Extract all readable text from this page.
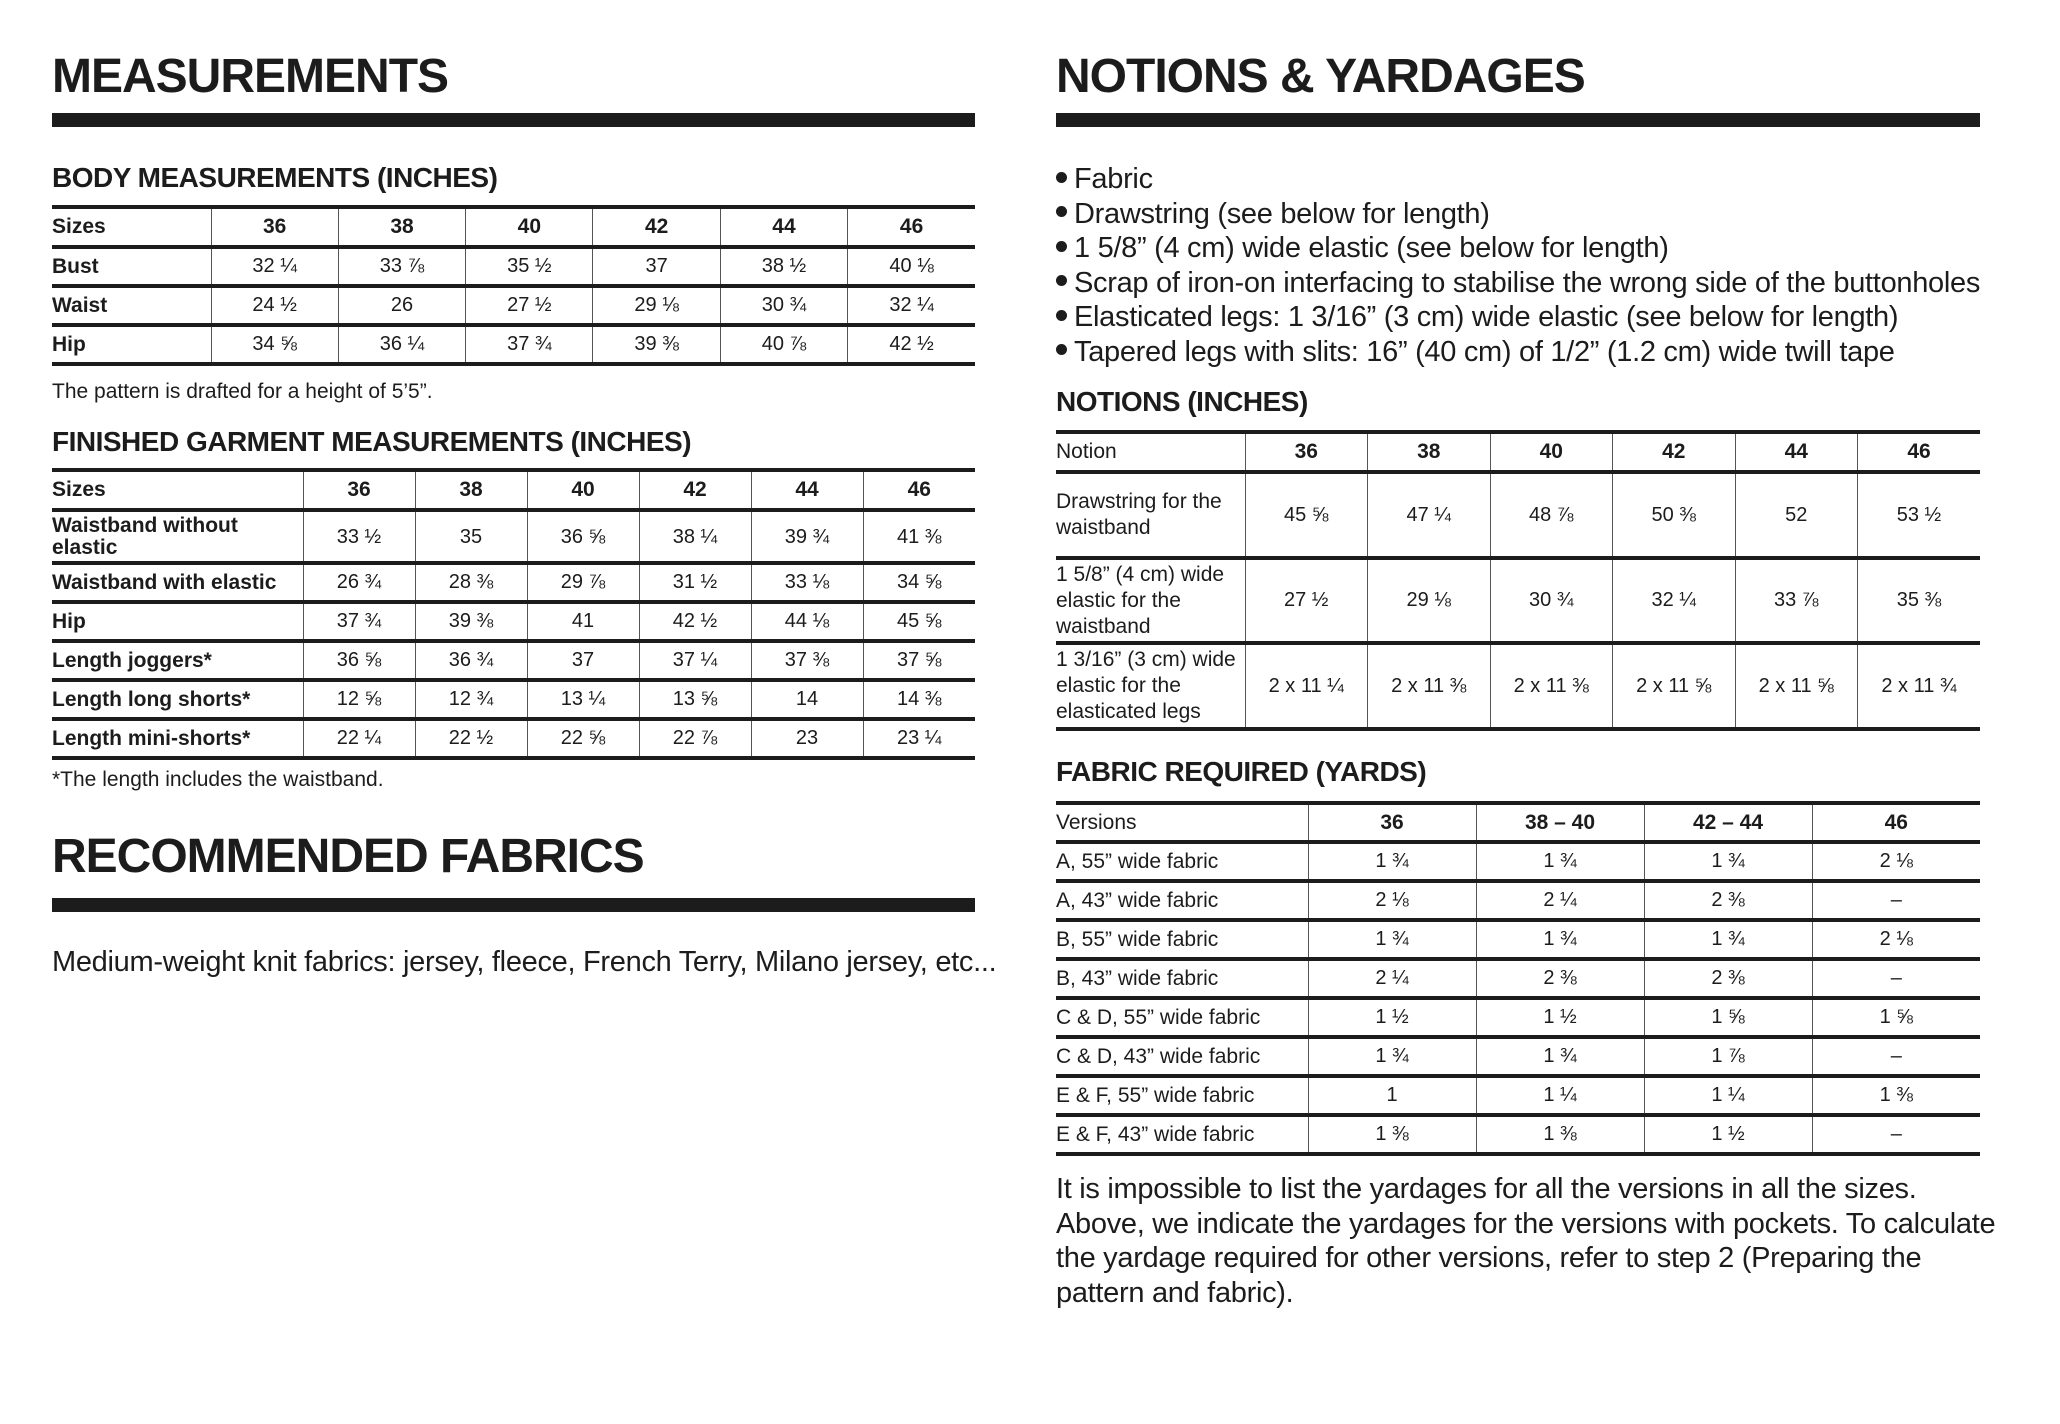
MEASUREMENTS
BODY MEASUREMENTS (INCHES)
Sizes	36	38	40	42	44	46
Bust	32 ¼	33 ⅞	35 ½	37	38 ½	40 ⅛
Waist	24 ½	26	27 ½	29 ⅛	30 ¾	32 ¼
Hip	34 ⅝	36 ¼	37 ¾	39 ⅜	40 ⅞	42 ½
The pattern is drafted for a height of 5’5”.
FINISHED GARMENT MEASUREMENTS (INCHES)
Sizes	36	38	40	42	44	46
Waistband without elastic	33 ½	35	36 ⅝	38 ¼	39 ¾	41 ⅜
Waistband with elastic	26 ¾	28 ⅜	29 ⅞	31 ½	33 ⅛	34 ⅝
Hip	37 ¾	39 ⅜	41	42 ½	44 ⅛	45 ⅝
Length joggers*	36 ⅝	36 ¾	37	37 ¼	37 ⅜	37 ⅝
Length long shorts*	12 ⅝	12 ¾	13 ¼	13 ⅝	14	14 ⅜
Length mini-shorts*	22 ¼	22 ½	22 ⅝	22 ⅞	23	23 ¼
*The length includes the waistband.
RECOMMENDED FABRICS
Medium-weight knit fabrics: jersey, fleece, French Terry, Milano jersey, etc...
NOTIONS & YARDAGES
Fabric
Drawstring (see below for length)
1 5/8” (4 cm) wide elastic (see below for length)
Scrap of iron-on interfacing to stabilise the wrong side of the buttonholes
Elasticated legs: 1 3/16” (3 cm) wide elastic (see below for length)
Tapered legs with slits: 16” (40 cm) of 1/2” (1.2 cm) wide twill tape
NOTIONS (INCHES)
Notion	36	38	40	42	44	46
Drawstring for the waistband	45 ⅝	47 ¼	48 ⅞	50 ⅜	52	53 ½
1 5/8” (4 cm) wide elastic for the waistband	27 ½	29 ⅛	30 ¾	32 ¼	33 ⅞	35 ⅜
1 3/16” (3 cm) wide elastic for the elasticated legs	2 x 11 ¼	2 x 11 ⅜	2 x 11 ⅜	2 x 11 ⅝	2 x 11 ⅝	2 x 11 ¾
FABRIC REQUIRED (YARDS)
Versions	36	38 – 40	42 – 44	46
A, 55” wide fabric	1 ¾	1 ¾	1 ¾	2 ⅛
A, 43” wide fabric	2 ⅛	2 ¼	2 ⅜	–
B, 55” wide fabric	1 ¾	1 ¾	1 ¾	2 ⅛
B, 43” wide fabric	2 ¼	2 ⅜	2 ⅜	–
C & D, 55” wide fabric	1 ½	1 ½	1 ⅝	1 ⅝
C & D, 43” wide fabric	1 ¾	1 ¾	1 ⅞	–
E & F, 55” wide fabric	1	1 ¼	1 ¼	1 ⅜
E & F, 43” wide fabric	1 ⅜	1 ⅜	1 ½	–
It is impossible to list the yardages for all the versions in all the sizes.
Above, we indicate the yardages for the versions with pockets. To calculate
the yardage required for other versions, refer to step 2 (Preparing the
pattern and fabric).
